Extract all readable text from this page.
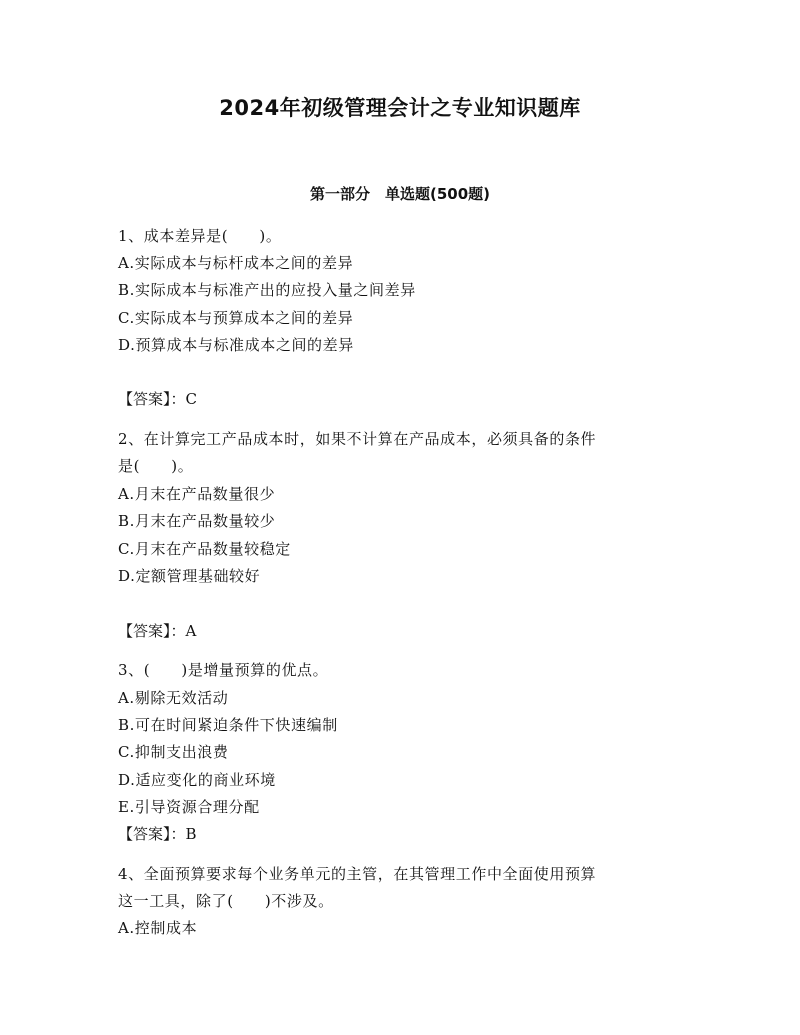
2024年初级管理会计之专业知识题库
第一部分　单选题(500题)
1、成本差异是(　　)。
A.实际成本与标杆成本之间的差异
B.实际成本与标准产出的应投入量之间差异
C.实际成本与预算成本之间的差异
D.预算成本与标准成本之间的差异
【答案】：C
2、在计算完工产品成本时，如果不计算在产品成本，必须具备的条件
是(　　)。
A.月末在产品数量很少
B.月末在产品数量较少
C.月末在产品数量较稳定
D.定额管理基础较好
【答案】：A
3、(　　)是增量预算的优点。
A.剔除无效活动
B.可在时间紧迫条件下快速编制
C.抑制支出浪费
D.适应变化的商业环境
E.引导资源合理分配
【答案】：B
4、全面预算要求每个业务单元的主管，在其管理工作中全面使用预算
这一工具，除了(　　)不涉及。
A.控制成本
